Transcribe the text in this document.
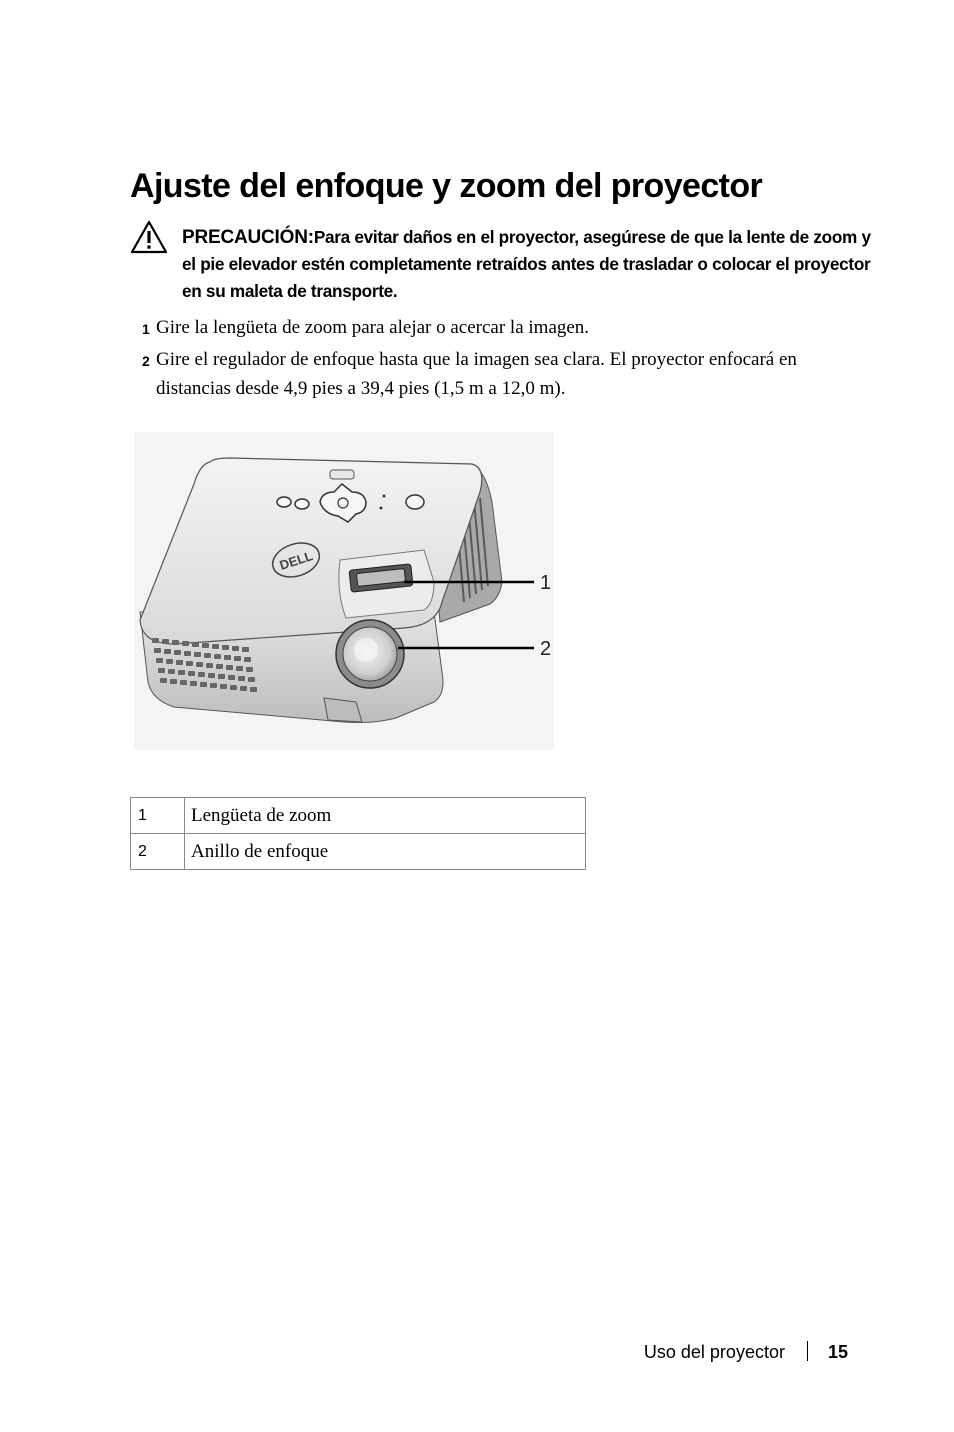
Ajuste del enfoque y zoom del proyector
PRECAUCIÓN:Para evitar daños en el proyector, asegúrese de que la lente de zoom y el pie elevador estén completamente retraídos antes de trasladar o colocar el proyector en su maleta de transporte.
1 Gire la lengüeta de zoom para alejar o acercar la imagen.
2 Gire el regulador de enfoque hasta que la imagen sea clara. El proyector enfocará en distancias desde 4,9 pies a 39,4 pies (1,5 m a 12,0 m).
DELL
1
2
1	Lengüeta de zoom
2	Anillo de enfoque
Uso del proyector 15
